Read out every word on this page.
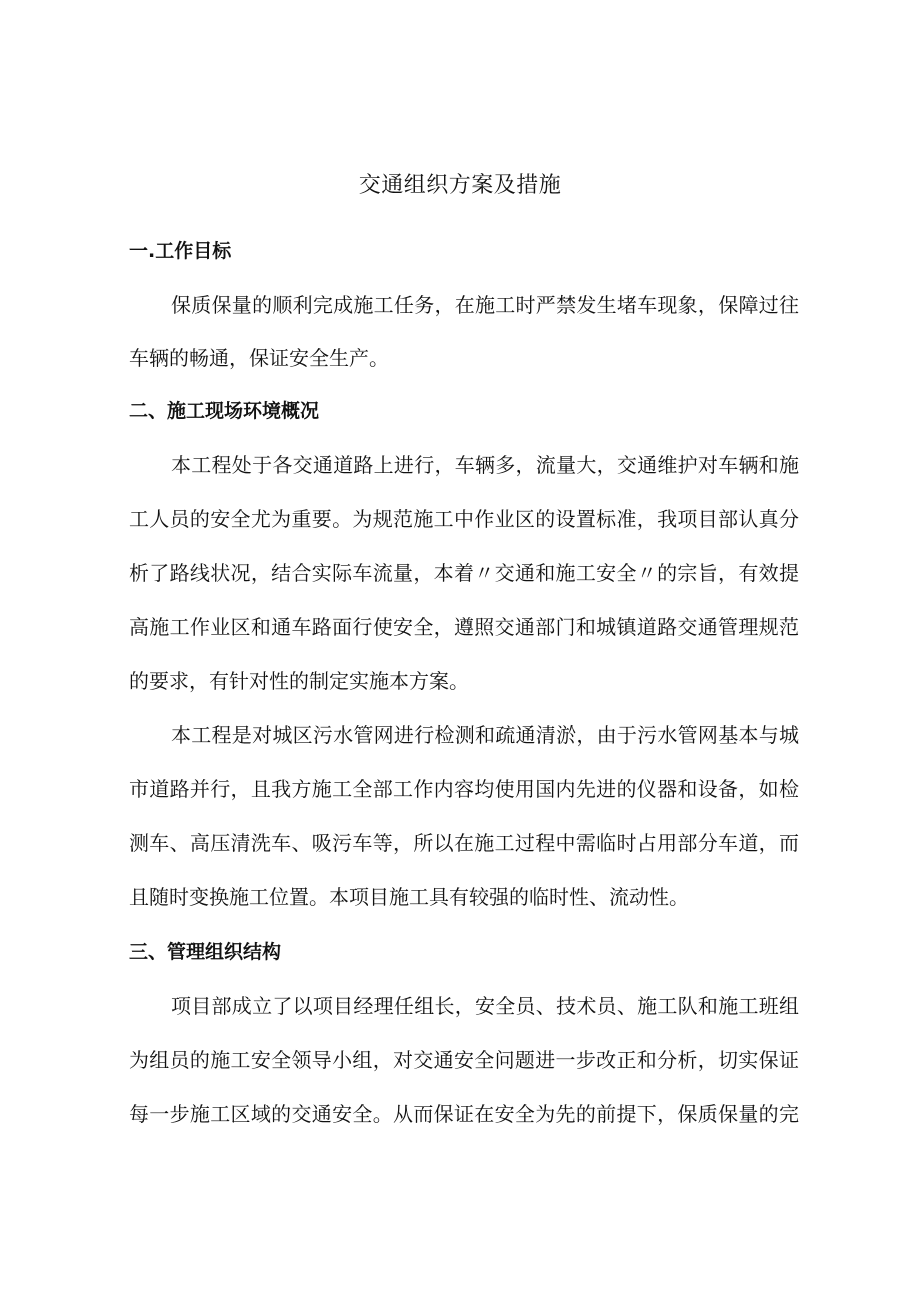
交通组织方案及措施
一.工作目标
保质保量的顺利完成施工任务，在施工时严禁发生堵车现象，保障过往
车辆的畅通，保证安全生产。
二、施工现场环境概况
本工程处于各交通道路上进行，车辆多，流量大，交通维护对车辆和施
工人员的安全尤为重要。为规范施工中作业区的设置标准，我项目部认真分
析了路线状况，结合实际车流量，本着〃交通和施工安全〃的宗旨，有效提
高施工作业区和通车路面行使安全，遵照交通部门和城镇道路交通管理规范
的要求，有针对性的制定实施本方案。
本工程是对城区污水管网进行检测和疏通清淤，由于污水管网基本与城
市道路并行，且我方施工全部工作内容均使用国内先进的仪器和设备，如检
测车、高压清洗车、吸污车等，所以在施工过程中需临时占用部分车道，而
且随时变换施工位置。本项目施工具有较强的临时性、流动性。
三、管理组织结构
项目部成立了以项目经理任组长，安全员、技术员、施工队和施工班组
为组员的施工安全领导小组，对交通安全问题进一步改正和分析，切实保证
每一步施工区域的交通安全。从而保证在安全为先的前提下，保质保量的完
